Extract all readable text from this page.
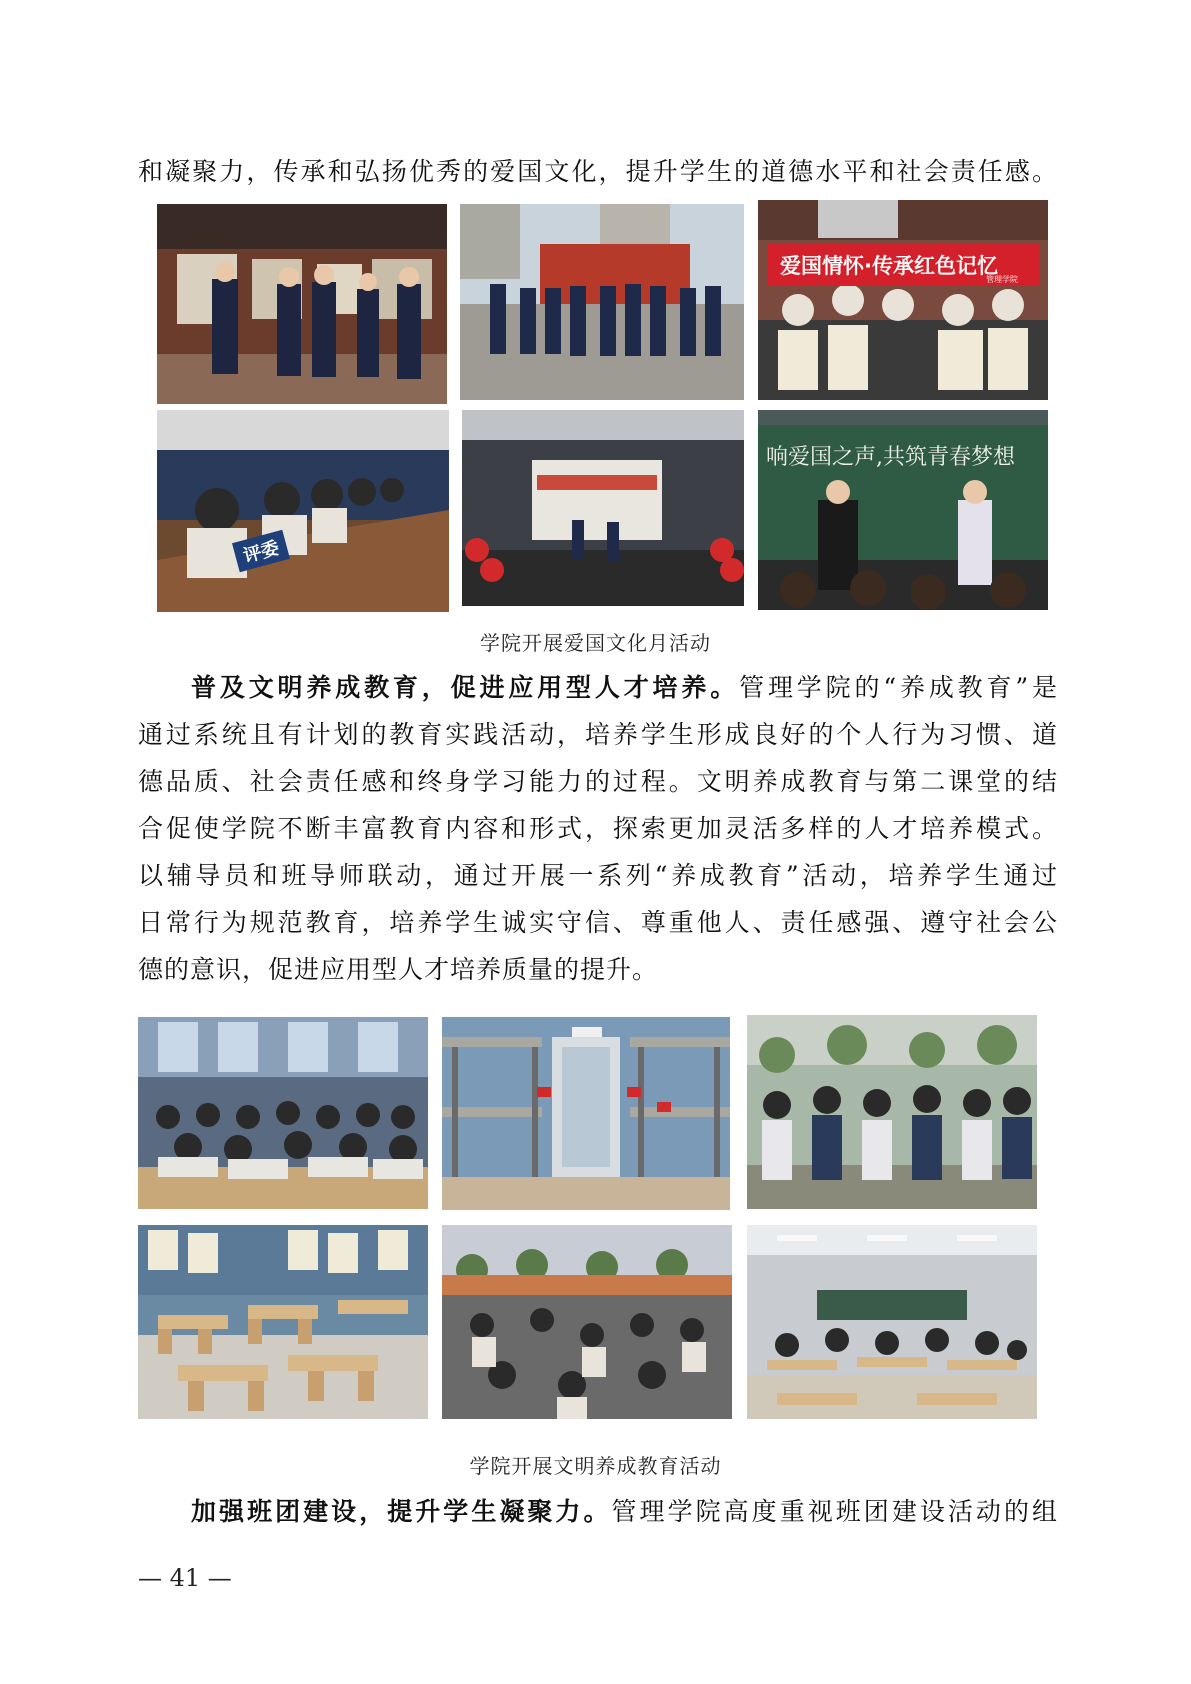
和凝聚力，传承和弘扬优秀的爱国文化，提升学生的道德水平和社会责任感。
爱国情怀·传承红色记忆
管理学院
评委
响爱国之声,共筑青春梦想
学院开展爱国文化月活动
普及文明养成教育，促进应用型人才培养。管理学院的“养成教育”是
通过系统且有计划的教育实践活动，培养学生形成良好的个人行为习惯、道
德品质、社会责任感和终身学习能力的过程。文明养成教育与第二课堂的结
合促使学院不断丰富教育内容和形式，探索更加灵活多样的人才培养模式。
以辅导员和班导师联动，通过开展一系列“养成教育”活动，培养学生通过
日常行为规范教育，培养学生诚实守信、尊重他人、责任感强、遵守社会公
德的意识，促进应用型人才培养质量的提升。
学院开展文明养成教育活动
加强班团建设，提升学生凝聚力。管理学院高度重视班团建设活动的组
— 41 —
